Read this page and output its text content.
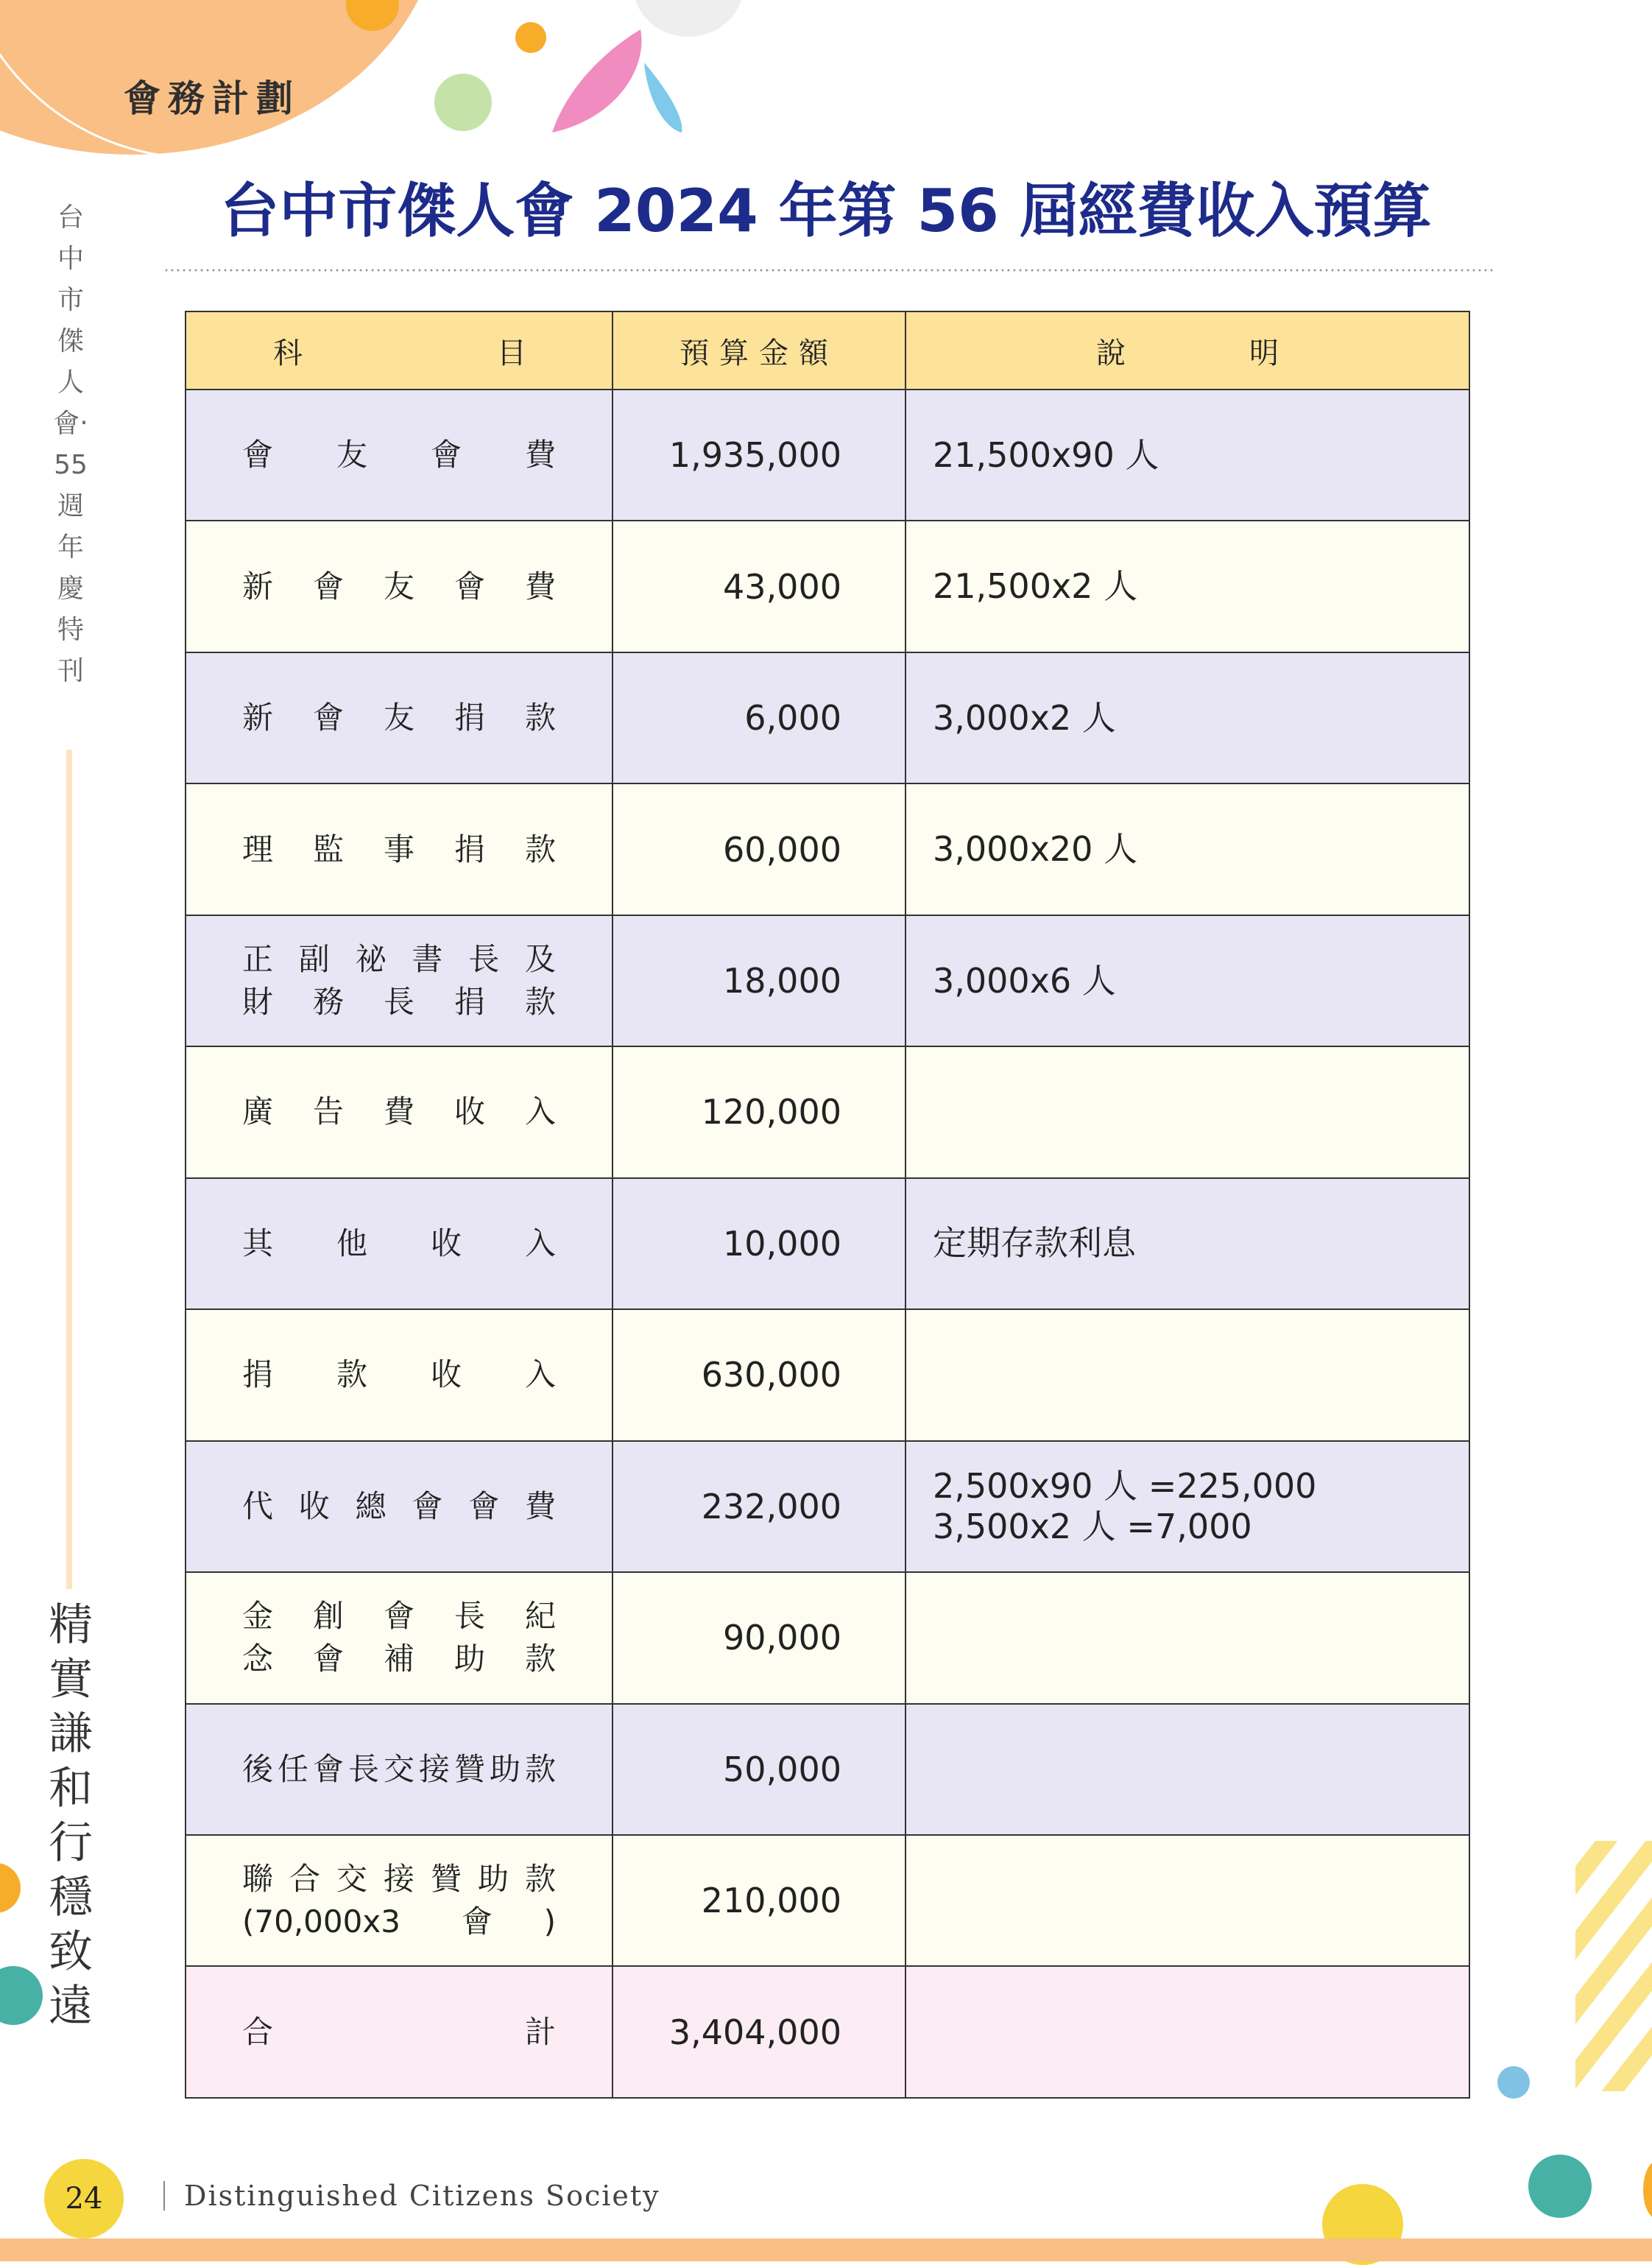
會務計劃
台中市傑人會 2024 年第 56 屆經費收入預算
台中市傑人會‧55週年慶特刊
精實謙和 行穩致遠
科目	預算金額	說明

會友會費	1,935,000	21,500x90 人

新會友會費	43,000	21,500x2 人

新會友捐款	6,000	3,000x2 人

理監事捐款	60,000	3,000x20 人

正副祕書長及
財務長捐款	18,000	3,000x6 人

廣告費收入	120,000	

其他收入	10,000	定期存款利息

捐款收入	630,000	

代收總會會費	232,000	2,500x90 人 =225,000
3,500x2 人 =7,000

金創會長紀
念會補助款	90,000	

後任會長交接贊助款	50,000	

聯合交接贊助款
(70,000x3 會)	210,000	
合計	3,404,000	
24	Distinguished Citizens Society
